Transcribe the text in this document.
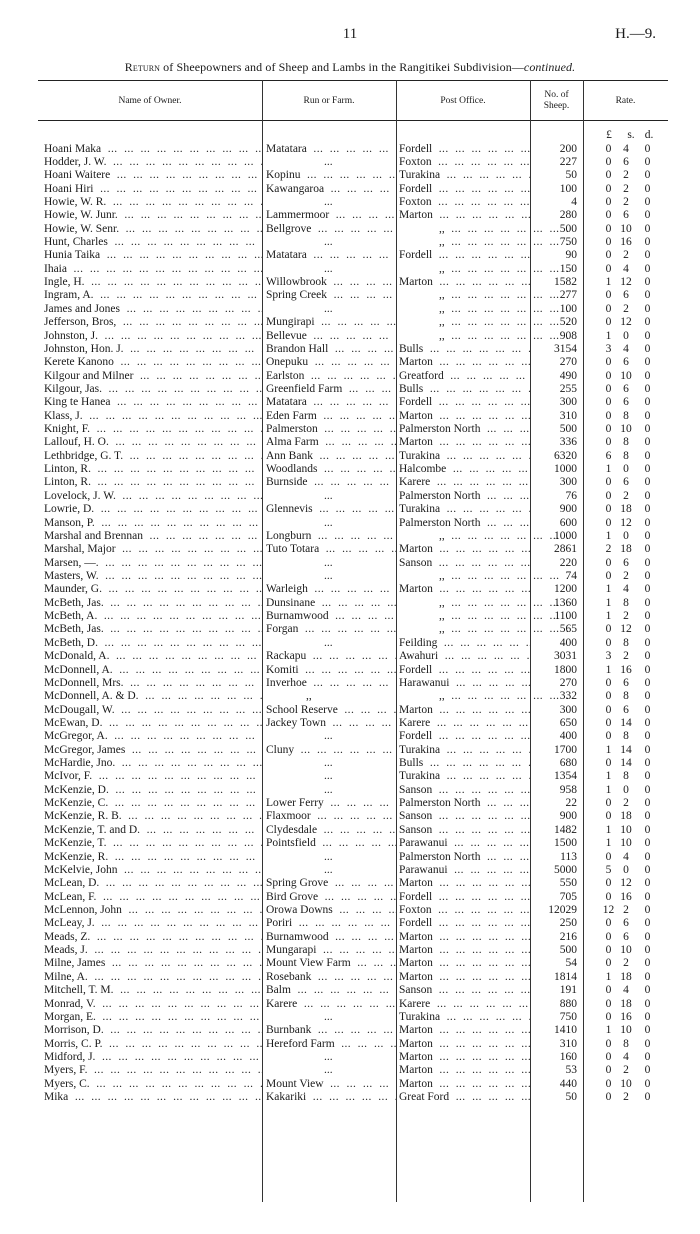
11	H.—9.
Return of Sheepowners and of Sheep and Lambs in the Rangitikei Subdivision—continued.
Name of Owner.	Run or Farm.	Post Office.
No. of
Sheep.
Rate.
£	s. d.
Hoani Maka ...	Matatara ...	Fordell ...	200	0	4	0
Hodder, J. W. ...	...	Foxton ...	227	0	6	0
Hoani Waitere ...	Kopinu ...	Turakina ...	50	0	2	0
Hoani Hiri ...	Kawangaroa ...	Fordell ...	100	0	2	0
Howie, W. R. ...	...	Foxton ...	4	0	2	0
Howie, W. Junr. ...	Lammermoor ...	Marton ...	280	0	6	0
Howie, W. Senr. ...	Bellgrove ...	,, ...	500	0 10	0
Hunt, Charles ...	...	,, ...	750	0 16	0
Hunia Taika ...	Matatara ...	Fordell ...	90	0	2	0
Ihaia ...	...	,, ...	150	0	4	0
Ingle, H. ...	Willowbrook ...	Marton ...	1582	1 12	0
Ingram, A. ...	Spring Creek ...	,, ...	277	0	6	0
James and Jones ...	...	,, ...	100	0	2	0
Jefferson, Bros, ...	Mungirapi ...	,, ...	520	0 12	0
Johnston, J. ...	Bellevue ...	,, ...	908	1	0	0
Johnston, Hon. J. ...	Brandon Hall ...	Bulls ...	3154	3	4	0
Kerete Kanono ...	Onepuku ...	Marton ...	270	0	6	0
Kilgour and Milner ...	Earlston ...	Greatford ...	490	0 10	0
Kilgour, Jas. ...	Greenfield Farm ...	Bulls ...	255	0	6	0
King te Hanea ...	Matatara ...	Fordell ...	300	0	6	0
Klass, J. ...	Eden Farm ...	Marton ...	310	0	8	0
Knight, F. ...	Palmerston ...	Palmerston North ...	500	0 10	0
Lallouf, H. O. ...	Alma Farm ...	Marton ...	336	0	8	0
Lethbridge, G. T. ...	Ann Bank ...	Turakina ...	6320	6	8	0
Linton, R. ...	Woodlands ...	Halcombe ...	1000	1	0	0
Linton, R. ...	Burnside ...	Karere ...	300	0	6	0
Lovelock, J. W. ...	...	Palmerston North ...	76	0	2	0
Lowrie, D. ...	Glennevis ...	Turakina ...	900	0 18	0
Manson, P. ...	...	Palmerston North ...	600	0 12	0
Marshal and Brennan ...	Longburn ...	,, ...	1000	1	0	0
Marshal, Major ...	Tuto Totara ...	Marton ...	2861	2 18	0
Marsen, —. ...	...	Sanson ...	220	0	6	0
Masters, W. ...	...	,, ...	74	0	2	0
Maunder, G. ...	Warleigh ...	Marton ...	1200	1	4	0
McBeth, Jas. ...	Dunsinane ...	,, ...	1360	1	8	0
McBeth, A. ...	Burnamwood ...	,, ...	1100	1	2	0
McBeth, Jas. ...	Forgan ...	,, ...	565	0 12	0
McBeth, D. ...	...	Feilding ...	400	0	8	0
McDonald, A. ...	Rackapu ...	Awahuri ...	3031	3	2	0
McDonnell, A. ...	Komiti ...	Fordell ...	1800	1 16	0
McDonnell, Mrs. ...	Inverhoe ...	Harawanui ...	270	0	6	0
McDonnell, A. & D. ...	,,	,, ...	332	0	8	0
McDougall, W. ...	School Reserve ...	Marton ...	300	0	6	0
McEwan, D. ...	Jackey Town ...	Karere ...	650	0 14	0
McGregor, A. ...	...	Fordell ...	400	0	8	0
McGregor, James ...	Cluny ...	Turakina ...	1700	1 14	0
McHardie, Jno. ...	...	Bulls ...	680	0 14	0
McIvor, F. ...	...	Turakina ...	1354	1	8	0
McKenzie, D. ...	...	Sanson ...	958	1	0	0
McKenzie, C. ...	Lower Ferry ...	Palmerston North ...	22	0	2	0
McKenzie, R. B. ...	Flaxmoor ...	Sanson ...	900	0 18	0
McKenzie, T. and D. ...	Clydesdale ...	Sanson ...	1482	1 10	0
McKenzie, T. ...	Pointsfield ...	Parawanui ...	1500	1 10	0
McKenzie, R. ...	...	Palmerston North ...	113	0	4	0
McKelvie, John ...	...	Parawanui ...	5000	5	0	0
McLean, D. ...	Spring Grove ...	Marton ...	550	0 12	0
McLean, F. ...	Bird Grove ...	Fordell ...	705	0 16	0
McLennon, John ...	Orowa Downs ...	Foxton ...	12029 12 2	0
McLeay, J. ...	Poriri ...	Fordell ...	250	0	6	0
Meads, Z. ...	Burnamwood ...	Marton ...	216	0	6	0
Meads, J. ...	Mungarapi ...	Marton ...	500	0 10	0
Milne, James ...	Mount View Farm ...	Marton ...	54	0	2	0
Milne, A. ...	Rosebank ...	Marton ...	1814	1 18	0
Mitchell, T. M. ...	Balm ...	Sanson ...	191	0	4	0
Monrad, V. ...	Karere ...	Karere ...	880	0 18	0
Morgan, E. ...	...	Turakina ...	750	0 16	0
Morrison, D. ...	Burnbank ...	Marton ...	1410	1 10	0
Morris, C. P. ...	Hereford Farm ...	Marton ...	310	0	8	0
Midford, J. ...	...	Marton ...	160	0	4	0
Myers, F. ...	...	Marton ...	53	0	2	0
Myers, C. ...	Mount View ...	Marton ...	440	0 10	0
Mika ...	Kakariki ...	Great Ford ...	50	0	2	0
